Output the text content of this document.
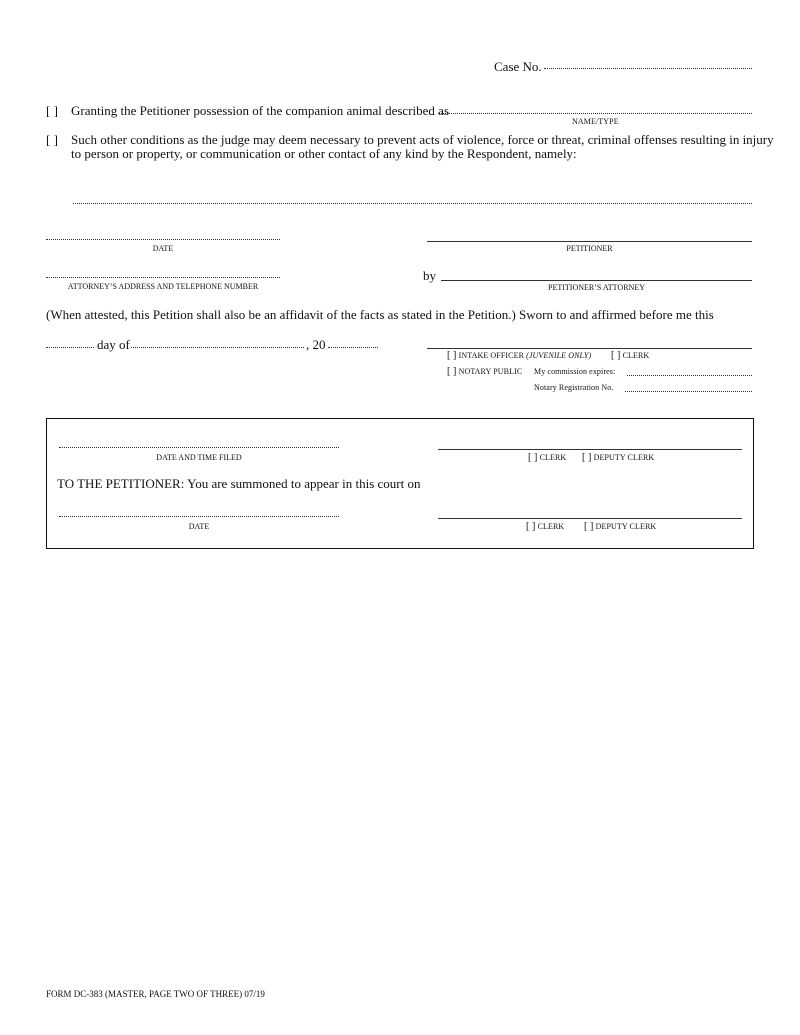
Case No.
[ ] Granting the Petitioner possession of the companion animal described as
NAME/TYPE
[ ] Such other conditions as the judge may deem necessary to prevent acts of violence, force or threat, criminal offenses resulting in injury
to person or property, or communication or other contact of any kind by the Respondent, namely:
DATE	PETITIONER
ATTORNEY’S ADDRESS AND TELEPHONE NUMBER
by
PETITIONER’S ATTORNEY
(When attested, this Petition shall also be an affidavit of the facts as stated in the Petition.) Sworn to and affirmed before me this
day of	, 20
[ ] INTAKE OFFICER (JUVENILE ONLY) [ ] CLERK
[ ] NOTARY PUBLIC My commission expires:
Notary Registration No.
DATE AND TIME FILED	[ ] CLERK [ ] DEPUTY CLERK
TO THE PETITIONER: You are summoned to appear in this court on
DATE	[ ] CLERK [ ] DEPUTY CLERK
FORM DC-383 (MASTER, PAGE TWO OF THREE) 07/19
